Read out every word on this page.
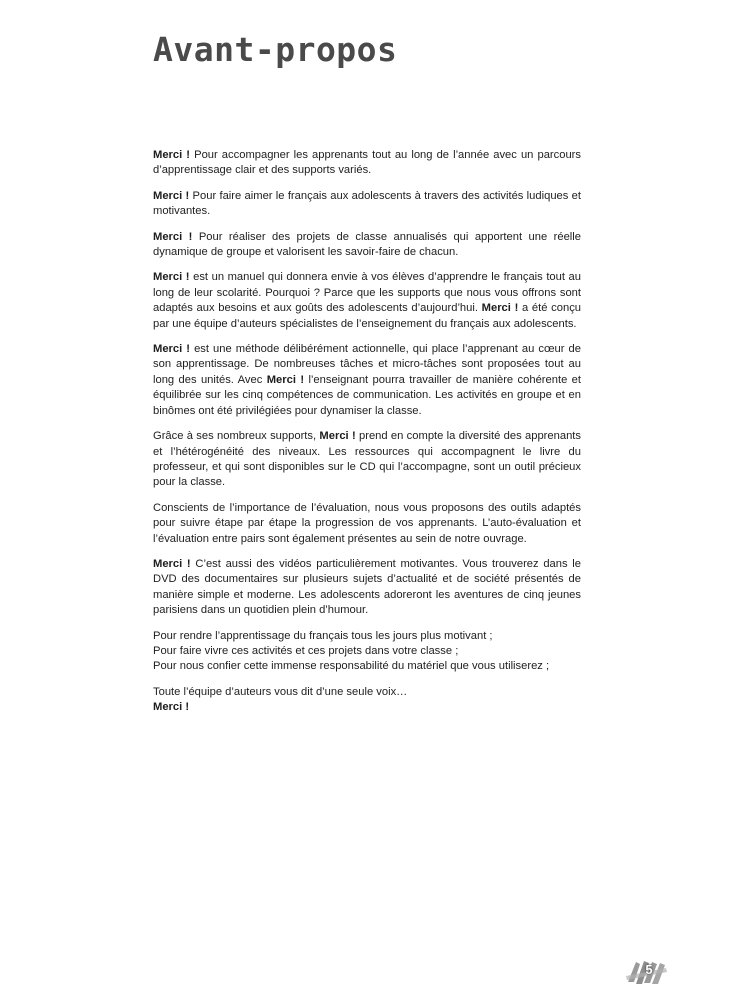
Avant-propos

Merci ! Pour accompagner les apprenants tout au long de l’année avec un parcours d’apprentissage clair et des supports variés.

Merci ! Pour faire aimer le français aux adolescents à travers des activités ludiques et motivantes.

Merci ! Pour réaliser des projets de classe annualisés qui apportent une réelle dynamique de groupe et valorisent les savoir-faire de chacun.

Merci ! est un manuel qui donnera envie à vos élèves d’apprendre le français tout au long de leur scolarité. Pourquoi ? Parce que les supports que nous vous offrons sont adaptés aux besoins et aux goûts des adolescents d’aujourd’hui. Merci ! a été conçu par une équipe d’auteurs spécialistes de l’enseignement du français aux adolescents.

Merci ! est une méthode délibérément actionnelle, qui place l’apprenant au cœur de son apprentissage. De nombreuses tâches et micro-tâches sont proposées tout au long des unités. Avec Merci ! l’enseignant pourra travailler de manière cohérente et équilibrée sur les cinq compétences de communication. Les activités en groupe et en binômes ont été privilégiées pour dynamiser la classe.

Grâce à ses nombreux supports, Merci ! prend en compte la diversité des apprenants et l’hétérogénéité des niveaux. Les ressources qui accompagnent le livre du professeur, et qui sont disponibles sur le CD qui l’accompagne, sont un outil précieux pour la classe.

Conscients de l’importance de l’évaluation, nous vous proposons des outils adaptés pour suivre étape par étape la progression de vos apprenants. L’auto-évaluation et l’évaluation entre pairs sont également présentes au sein de notre ouvrage.

Merci ! C’est aussi des vidéos particulièrement motivantes. Vous trouverez dans le DVD des documentaires sur plusieurs sujets d’actualité et de société présentés de manière simple et moderne. Les adolescents adoreront les aventures de cinq jeunes parisiens dans un quotidien plein d’humour.

Pour rendre l’apprentissage du français tous les jours plus motivant ;
Pour faire vivre ces activités et ces projets dans votre classe ;
Pour nous confier cette immense responsabilité du matériel que vous utiliserez ;

Toute l’équipe d’auteurs vous dit d’une seule voix…
Merci !

5
